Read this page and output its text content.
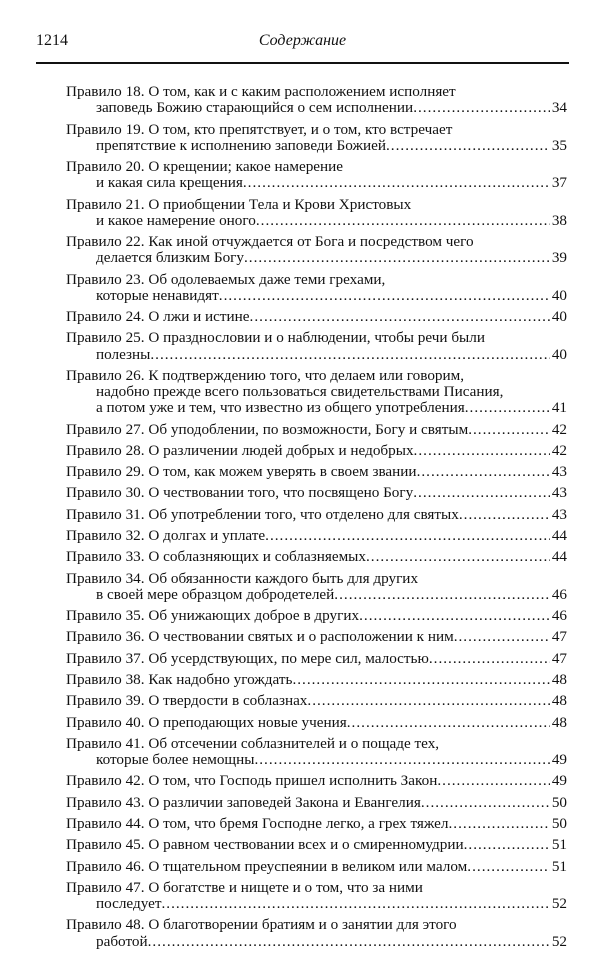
1214	Содержание
Правило 18. О том, как и с каким расположением исполняет
заповедь Божию старающийся о сем исполнении .....	34
Правило 19. О том, кто препятствует, и о том, кто встречает
препятствие к исполнению заповеди Божией .....	35
Правило 20. О крещении; какое намерение
и какая сила крещения .....	37
Правило 21. О приобщении Тела и Крови Христовых
и какое намерение оного .....	38
Правило 22. Как иной отчуждается от Бога и посредством чего
делается близким Богу .....	39
Правило 23. Об одолеваемых даже теми грехами,
которые ненавидят .....	40
Правило 24. О лжи и истине .....	40
Правило 25. О празднословии и о наблюдении, чтобы речи были
полезны .....	40
Правило 26. К подтверждению того, что делаем или говорим,
надобно прежде всего пользоваться свидетельствами Писания,
а потом уже и тем, что известно из общего употребления .....	41
Правило 27. Об уподоблении, по возможности, Богу и святым .....	42
Правило 28. О различении людей добрых и недобрых .....	42
Правило 29. О том, как можем уверять в своем звании .....	43
Правило 30. О чествовании того, что посвящено Богу .....	43
Правило 31. Об употреблении того, что отделено для святых .....	43
Правило 32. О долгах и уплате .....	44
Правило 33. О соблазняющих и соблазняемых .....	44
Правило 34. Об обязанности каждого быть для других
в своей мере образцом добродетелей .....	46
Правило 35. Об унижающих доброе в других .....	46
Правило 36. О чествовании святых и о расположении к ним .....	47
Правило 37. Об усердствующих, по мере сил, малостью .....	47
Правило 38. Как надобно угождать .....	48
Правило 39. О твердости в соблазнах .....	48
Правило 40. О преподающих новые учения .....	48
Правило 41. Об отсечении соблазнителей и о пощаде тех,
которые более немощны .....	49
Правило 42. О том, что Господь пришел исполнить Закон .....	49
Правило 43. О различии заповедей Закона и Евангелия .....	50
Правило 44. О том, что бремя Господне легко, а грех тяжел .....	50
Правило 45. О равном чествовании всех и о смиренномудрии .....	51
Правило 46. О тщательном преуспеянии в великом или малом .....	51
Правило 47. О богатстве и нищете и о том, что за ними
последует .....	52
Правило 48. О благотворении братиям и о занятии для этого
работой .....	52
